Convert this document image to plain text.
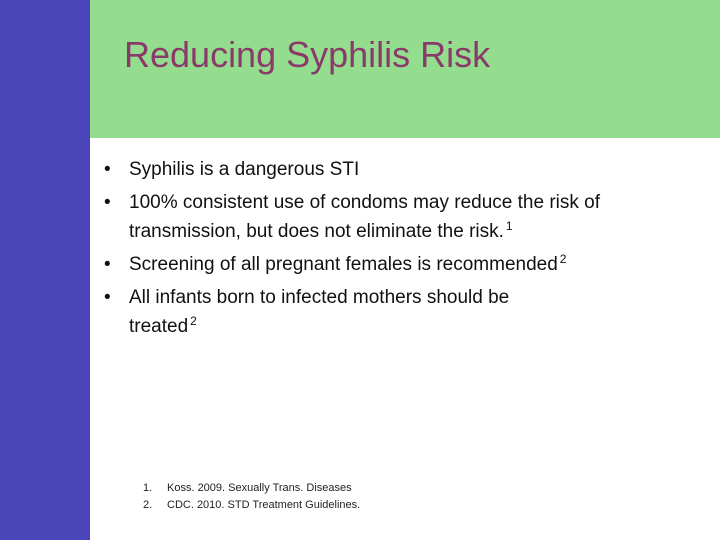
Reducing Syphilis Risk
• Syphilis is a dangerous STI
• 100% consistent use of condoms may reduce the risk of transmission, but does not eliminate the risk. $^1$
• Screening of all pregnant females is recommended $^2$
• All infants born to infected mothers should be treated $^2$
1. Koss. 2009. Sexually Trans. Diseases
2. CDC. 2010. STD Treatment Guidelines.
